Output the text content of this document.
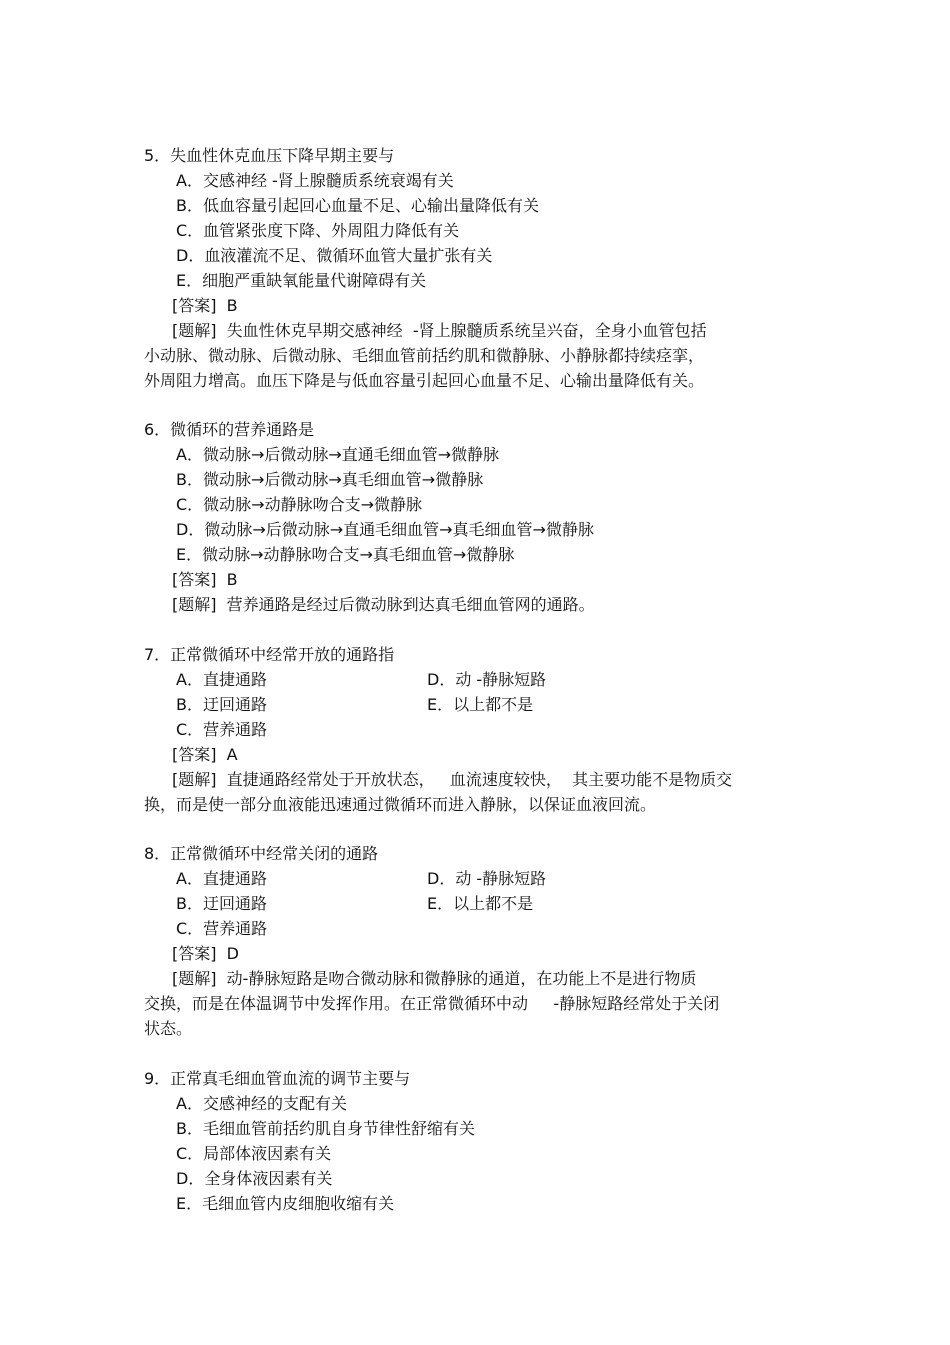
5．失血性休克血压下降早期主要与
A．交感神经 -肾上腺髓质系统衰竭有关
B．低血容量引起回心血量不足、心输出量降低有关
C．血管紧张度下降、外周阻力降低有关
D．血液灌流不足、微循环血管大量扩张有关
E．细胞严重缺氧能量代谢障碍有关
[答案]  B
[题解]  失血性休克早期交感神经  -肾上腺髓质系统呈兴奋，全身小血管包括
小动脉、微动脉、后微动脉、毛细血管前括约肌和微静脉、小静脉都持续痉挛，
外周阻力增高。血压下降是与低血容量引起回心血量不足、心输出量降低有关。
6．微循环的营养通路是
A．微动脉→后微动脉→直通毛细血管→微静脉
B．微动脉→后微动脉→真毛细血管→微静脉
C．微动脉→动静脉吻合支→微静脉
D．微动脉→后微动脉→直通毛细血管→真毛细血管→微静脉
E．微动脉→动静脉吻合支→真毛细血管→微静脉
[答案]  B
[题解]  营养通路是经过后微动脉到达真毛细血管网的通路。
7．正常微循环中经常开放的通路指
A．直捷通路	D．动 -静脉短路
B．迂回通路	E．以上都不是
C．营养通路
[答案]  A
[题解]  直捷通路经常处于开放状态，   血流速度较快，  其主要功能不是物质交
换，而是使一部分血液能迅速通过微循环而进入静脉，以保证血液回流。
8．正常微循环中经常关闭的通路
A．直捷通路	D．动 -静脉短路
B．迂回通路	E．以上都不是
C．营养通路
[答案]  D
[题解]  动-静脉短路是吻合微动脉和微静脉的通道，在功能上不是进行物质
交换，而是在体温调节中发挥作用。在正常微循环中动     -静脉短路经常处于关闭
状态。
9．正常真毛细血管血流的调节主要与
A．交感神经的支配有关
B．毛细血管前括约肌自身节律性舒缩有关
C．局部体液因素有关
D．全身体液因素有关
E．毛细血管内皮细胞收缩有关
